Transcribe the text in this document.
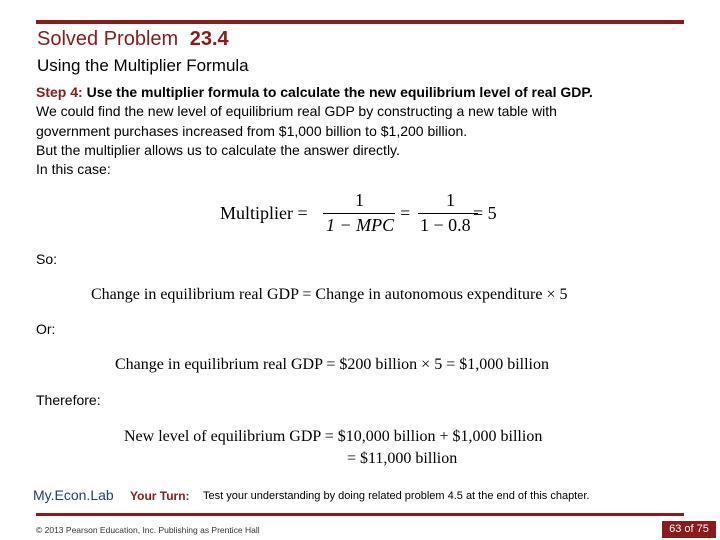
Solved Problem 23.4
Using the Multiplier Formula
Step 4: Use the multiplier formula to calculate the new equilibrium level of real GDP.
We could find the new level of equilibrium real GDP by constructing a new table with
government purchases increased from $1,000 billion to $1,200 billion.
But the multiplier allows us to calculate the answer directly.
In this case:
Multiplier =
1
1 − MPC
=
1
1 − 0.8
= 5
So:
Change in equilibrium real GDP = Change in autonomous expenditure × 5
Or:
Change in equilibrium real GDP = $200 billion × 5 = $1,000 billion
Therefore:
New level of equilibrium GDP = $10,000 billion + $1,000 billion
= $11,000 billion
My.Econ.Lab Your Turn: Test your understanding by doing related problem 4.5 at the end of this chapter.
© 2013 Pearson Education, Inc. Publishing as Prentice Hall	63 of 75
